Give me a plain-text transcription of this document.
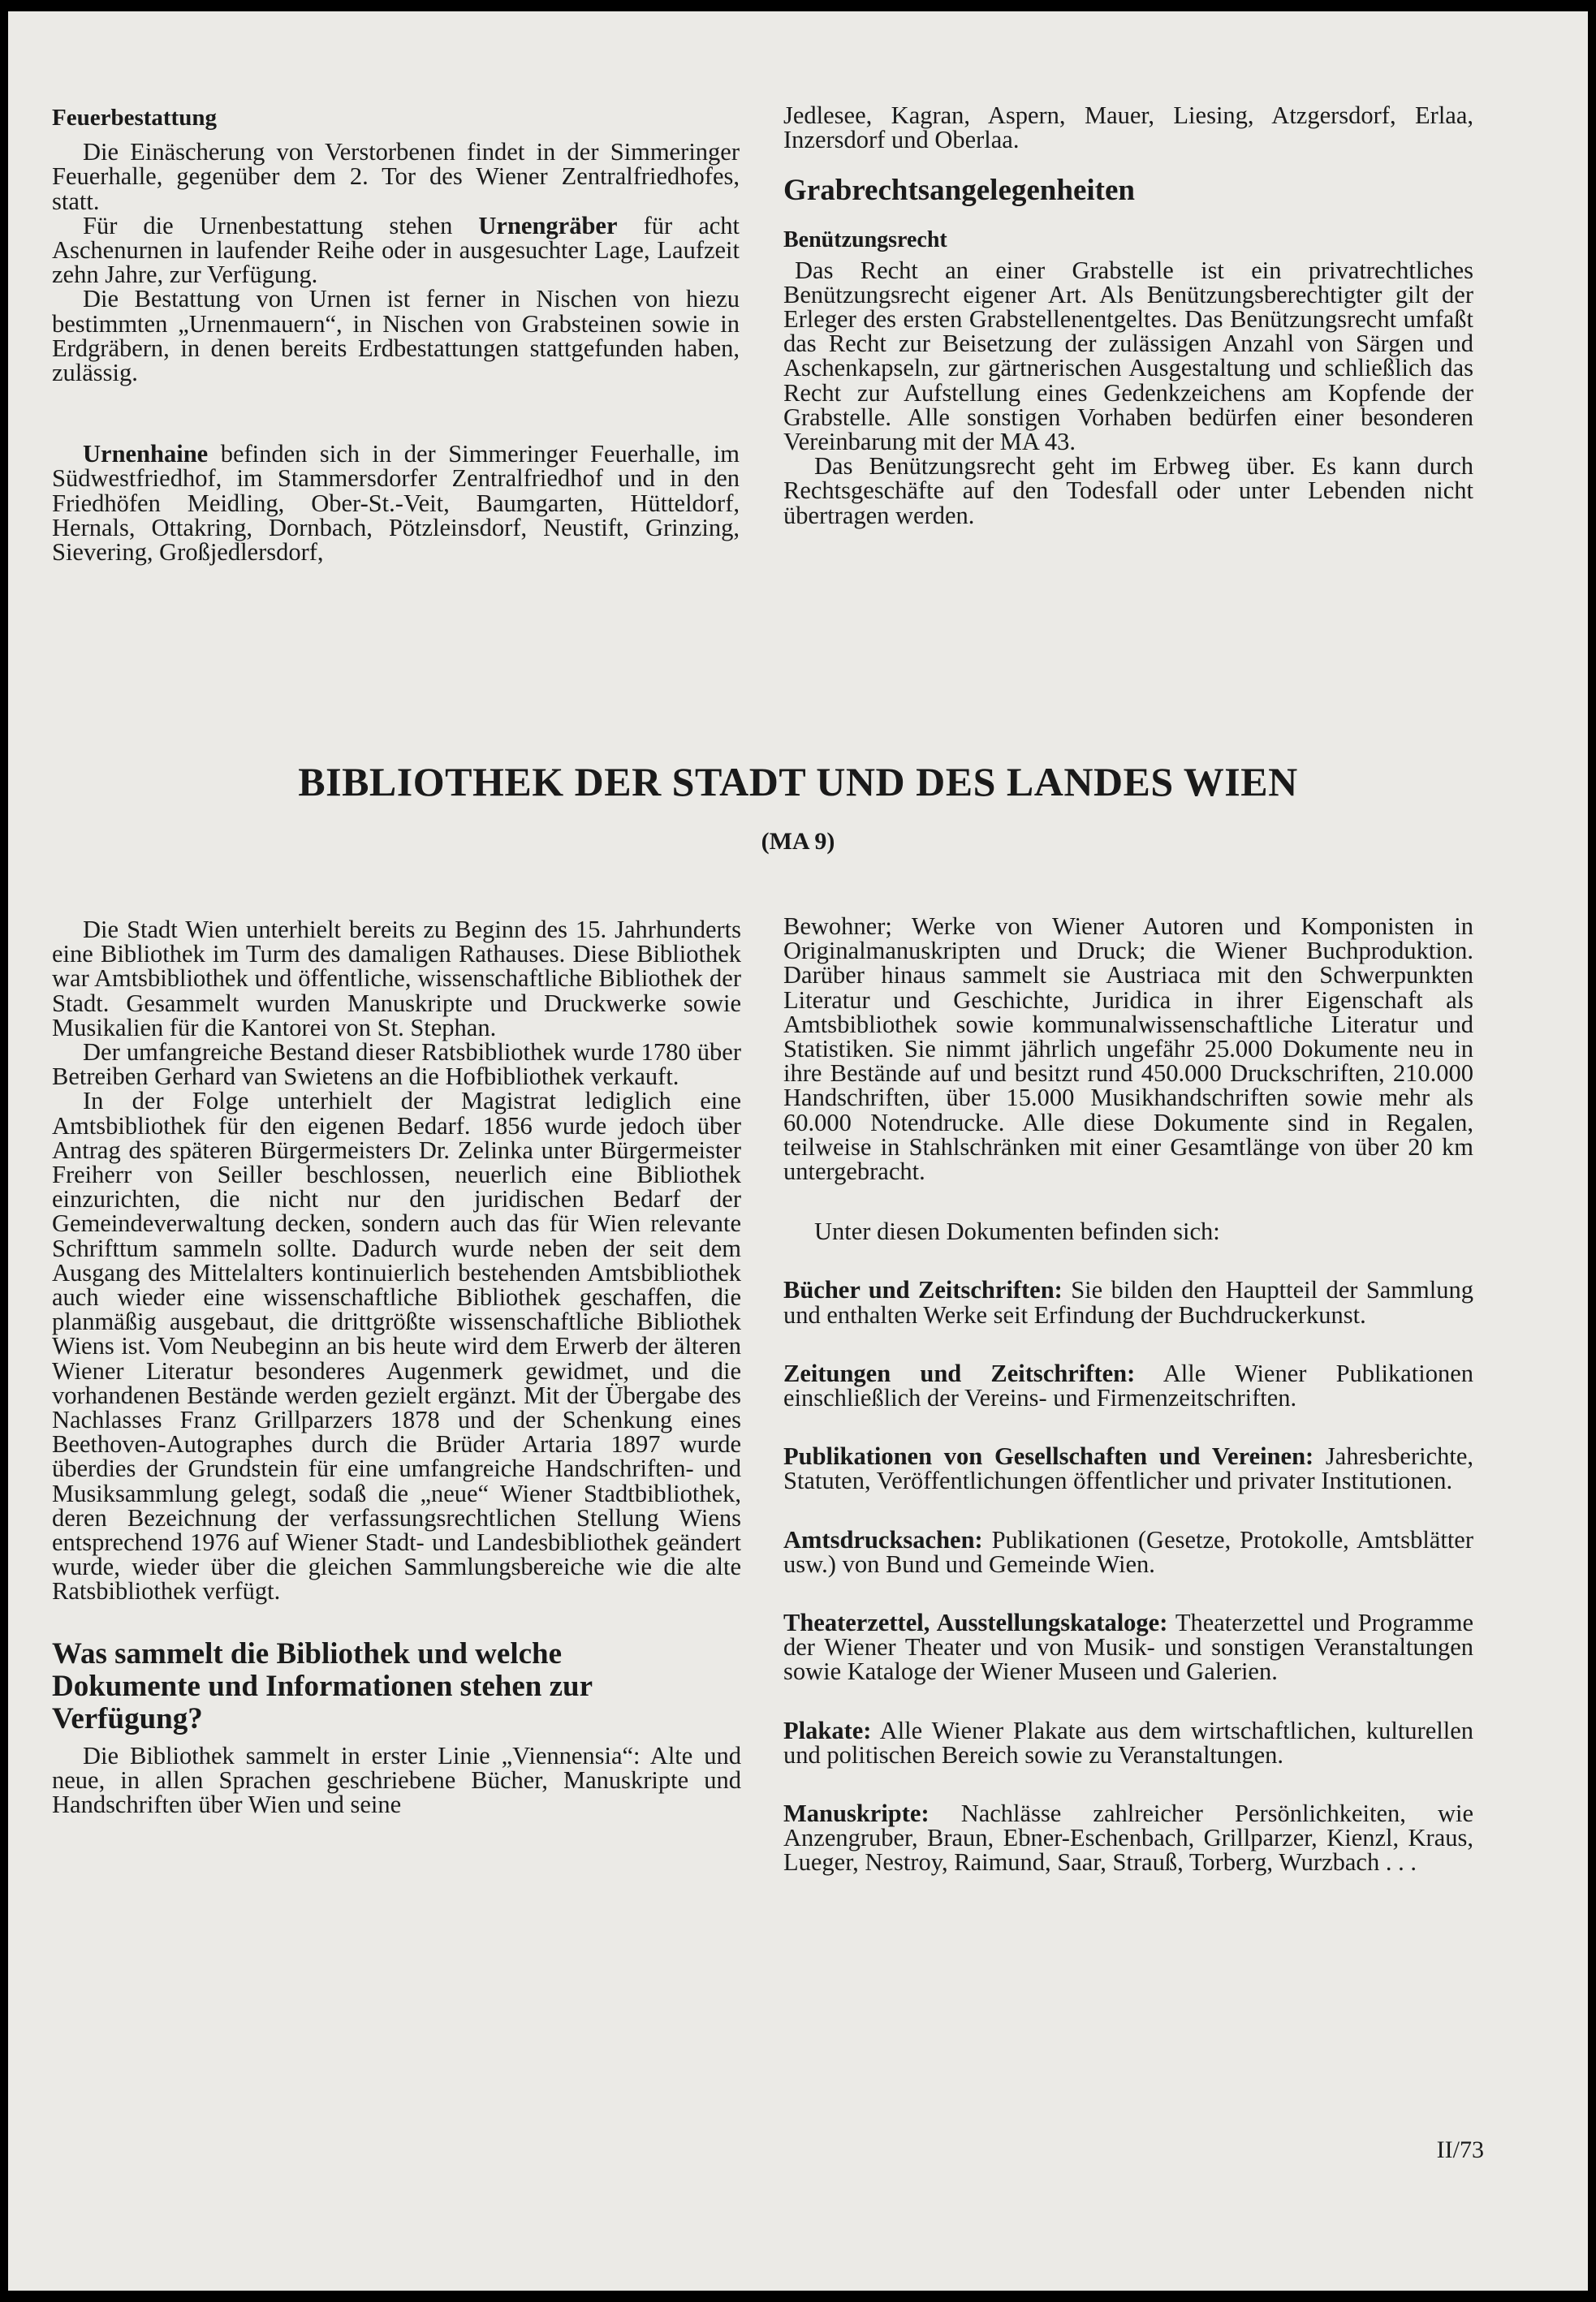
Feuerbestattung

Die Einäscherung von Verstorbenen findet in der Simmeringer Feuerhalle, gegenüber dem 2. Tor des Wiener Zentralfriedhofes, statt.

Für die Urnenbestattung stehen Urnengräber für acht Aschenurnen in laufender Reihe oder in ausgesuchter Lage, Laufzeit zehn Jahre, zur Verfügung.

Die Bestattung von Urnen ist ferner in Nischen von hiezu bestimmten „Urnenmauern“, in Nischen von Grabsteinen sowie in Erdgräbern, in denen bereits Erdbestattungen stattgefunden haben, zulässig.

Urnenhaine befinden sich in der Simmeringer Feuerhalle, im Südwestfriedhof, im Stammersdorfer Zentralfriedhof und in den Friedhöfen Meidling, Ober-St.-Veit, Baumgarten, Hütteldorf, Hernals, Ottakring, Dornbach, Pötzleinsdorf, Neustift, Grinzing, Sievering, Großjedlersdorf,

Jedlesee, Kagran, Aspern, Mauer, Liesing, Atzgersdorf, Erlaa, Inzersdorf und Oberlaa.

Grabrechtsangelegenheiten
Benützungsrecht

Das Recht an einer Grabstelle ist ein privatrechtliches Benützungsrecht eigener Art. Als Benützungsberechtigter gilt der Erleger des ersten Grabstellenentgeltes. Das Benützungsrecht umfaßt das Recht zur Beisetzung der zulässigen Anzahl von Särgen und Aschenkapseln, zur gärtnerischen Ausgestaltung und schließlich das Recht zur Aufstellung eines Gedenkzeichens am Kopfende der Grabstelle. Alle sonstigen Vorhaben bedürfen einer besonderen Vereinbarung mit der MA 43.

Das Benützungsrecht geht im Erbweg über. Es kann durch Rechtsgeschäfte auf den Todesfall oder unter Lebenden nicht übertragen werden.

BIBLIOTHEK DER STADT UND DES LANDES WIEN
(MA 9)

Die Stadt Wien unterhielt bereits zu Beginn des 15. Jahrhunderts eine Bibliothek im Turm des damaligen Rathauses. Diese Bibliothek war Amtsbibliothek und öffentliche, wissenschaftliche Bibliothek der Stadt. Gesammelt wurden Manuskripte und Druckwerke sowie Musikalien für die Kantorei von St. Stephan.

Der umfangreiche Bestand dieser Ratsbibliothek wurde 1780 über Betreiben Gerhard van Swietens an die Hofbibliothek verkauft.

In der Folge unterhielt der Magistrat lediglich eine Amtsbibliothek für den eigenen Bedarf. 1856 wurde jedoch über Antrag des späteren Bürgermeisters Dr. Zelinka unter Bürgermeister Freiherr von Seiller beschlossen, neuerlich eine Bibliothek einzurichten, die nicht nur den juridischen Bedarf der Gemeindeverwaltung decken, sondern auch das für Wien relevante Schrifttum sammeln sollte. Dadurch wurde neben der seit dem Ausgang des Mittelalters kontinuierlich bestehenden Amtsbibliothek auch wieder eine wissenschaftliche Bibliothek geschaffen, die planmäßig ausgebaut, die drittgrößte wissenschaftliche Bibliothek Wiens ist. Vom Neubeginn an bis heute wird dem Erwerb der älteren Wiener Literatur besonderes Augenmerk gewidmet, und die vorhandenen Bestände werden gezielt ergänzt. Mit der Übergabe des Nachlasses Franz Grillparzers 1878 und der Schenkung eines Beethoven-Autographes durch die Brüder Artaria 1897 wurde überdies der Grundstein für eine umfangreiche Handschriften- und Musiksammlung gelegt, sodaß die „neue“ Wiener Stadtbibliothek, deren Bezeichnung der verfassungsrechtlichen Stellung Wiens entsprechend 1976 auf Wiener Stadt- und Landesbibliothek geändert wurde, wieder über die gleichen Sammlungsbereiche wie die alte Ratsbibliothek verfügt.

Was sammelt die Bibliothek und welche Dokumente und Informationen stehen zur Verfügung?

Die Bibliothek sammelt in erster Linie „Viennensia“: Alte und neue, in allen Sprachen geschriebene Bücher, Manuskripte und Handschriften über Wien und seine

Bewohner; Werke von Wiener Autoren und Komponisten in Originalmanuskripten und Druck; die Wiener Buchproduktion. Darüber hinaus sammelt sie Austriaca mit den Schwerpunkten Literatur und Geschichte, Juridica in ihrer Eigenschaft als Amtsbibliothek sowie kommunalwissenschaftliche Literatur und Statistiken. Sie nimmt jährlich ungefähr 25.000 Dokumente neu in ihre Bestände auf und besitzt rund 450.000 Druckschriften, 210.000 Handschriften, über 15.000 Musikhandschriften sowie mehr als 60.000 Notendrucke. Alle diese Dokumente sind in Regalen, teilweise in Stahlschränken mit einer Gesamtlänge von über 20 km untergebracht.

Unter diesen Dokumenten befinden sich:

Bücher und Zeitschriften: Sie bilden den Hauptteil der Sammlung und enthalten Werke seit Erfindung der Buchdruckerkunst.

Zeitungen und Zeitschriften: Alle Wiener Publikationen einschließlich der Vereins- und Firmenzeitschriften.

Publikationen von Gesellschaften und Vereinen: Jahresberichte, Statuten, Veröffentlichungen öffentlicher und privater Institutionen.

Amtsdrucksachen: Publikationen (Gesetze, Protokolle, Amtsblätter usw.) von Bund und Gemeinde Wien.

Theaterzettel, Ausstellungskataloge: Theaterzettel und Programme der Wiener Theater und von Musik- und sonstigen Veranstaltungen sowie Kataloge der Wiener Museen und Galerien.

Plakate: Alle Wiener Plakate aus dem wirtschaftlichen, kulturellen und politischen Bereich sowie zu Veranstaltungen.

Manuskripte: Nachlässe zahlreicher Persönlichkeiten, wie Anzengruber, Braun, Ebner-Eschenbach, Grillparzer, Kienzl, Kraus, Lueger, Nestroy, Raimund, Saar, Strauß, Torberg, Wurzbach . . .

II/73
